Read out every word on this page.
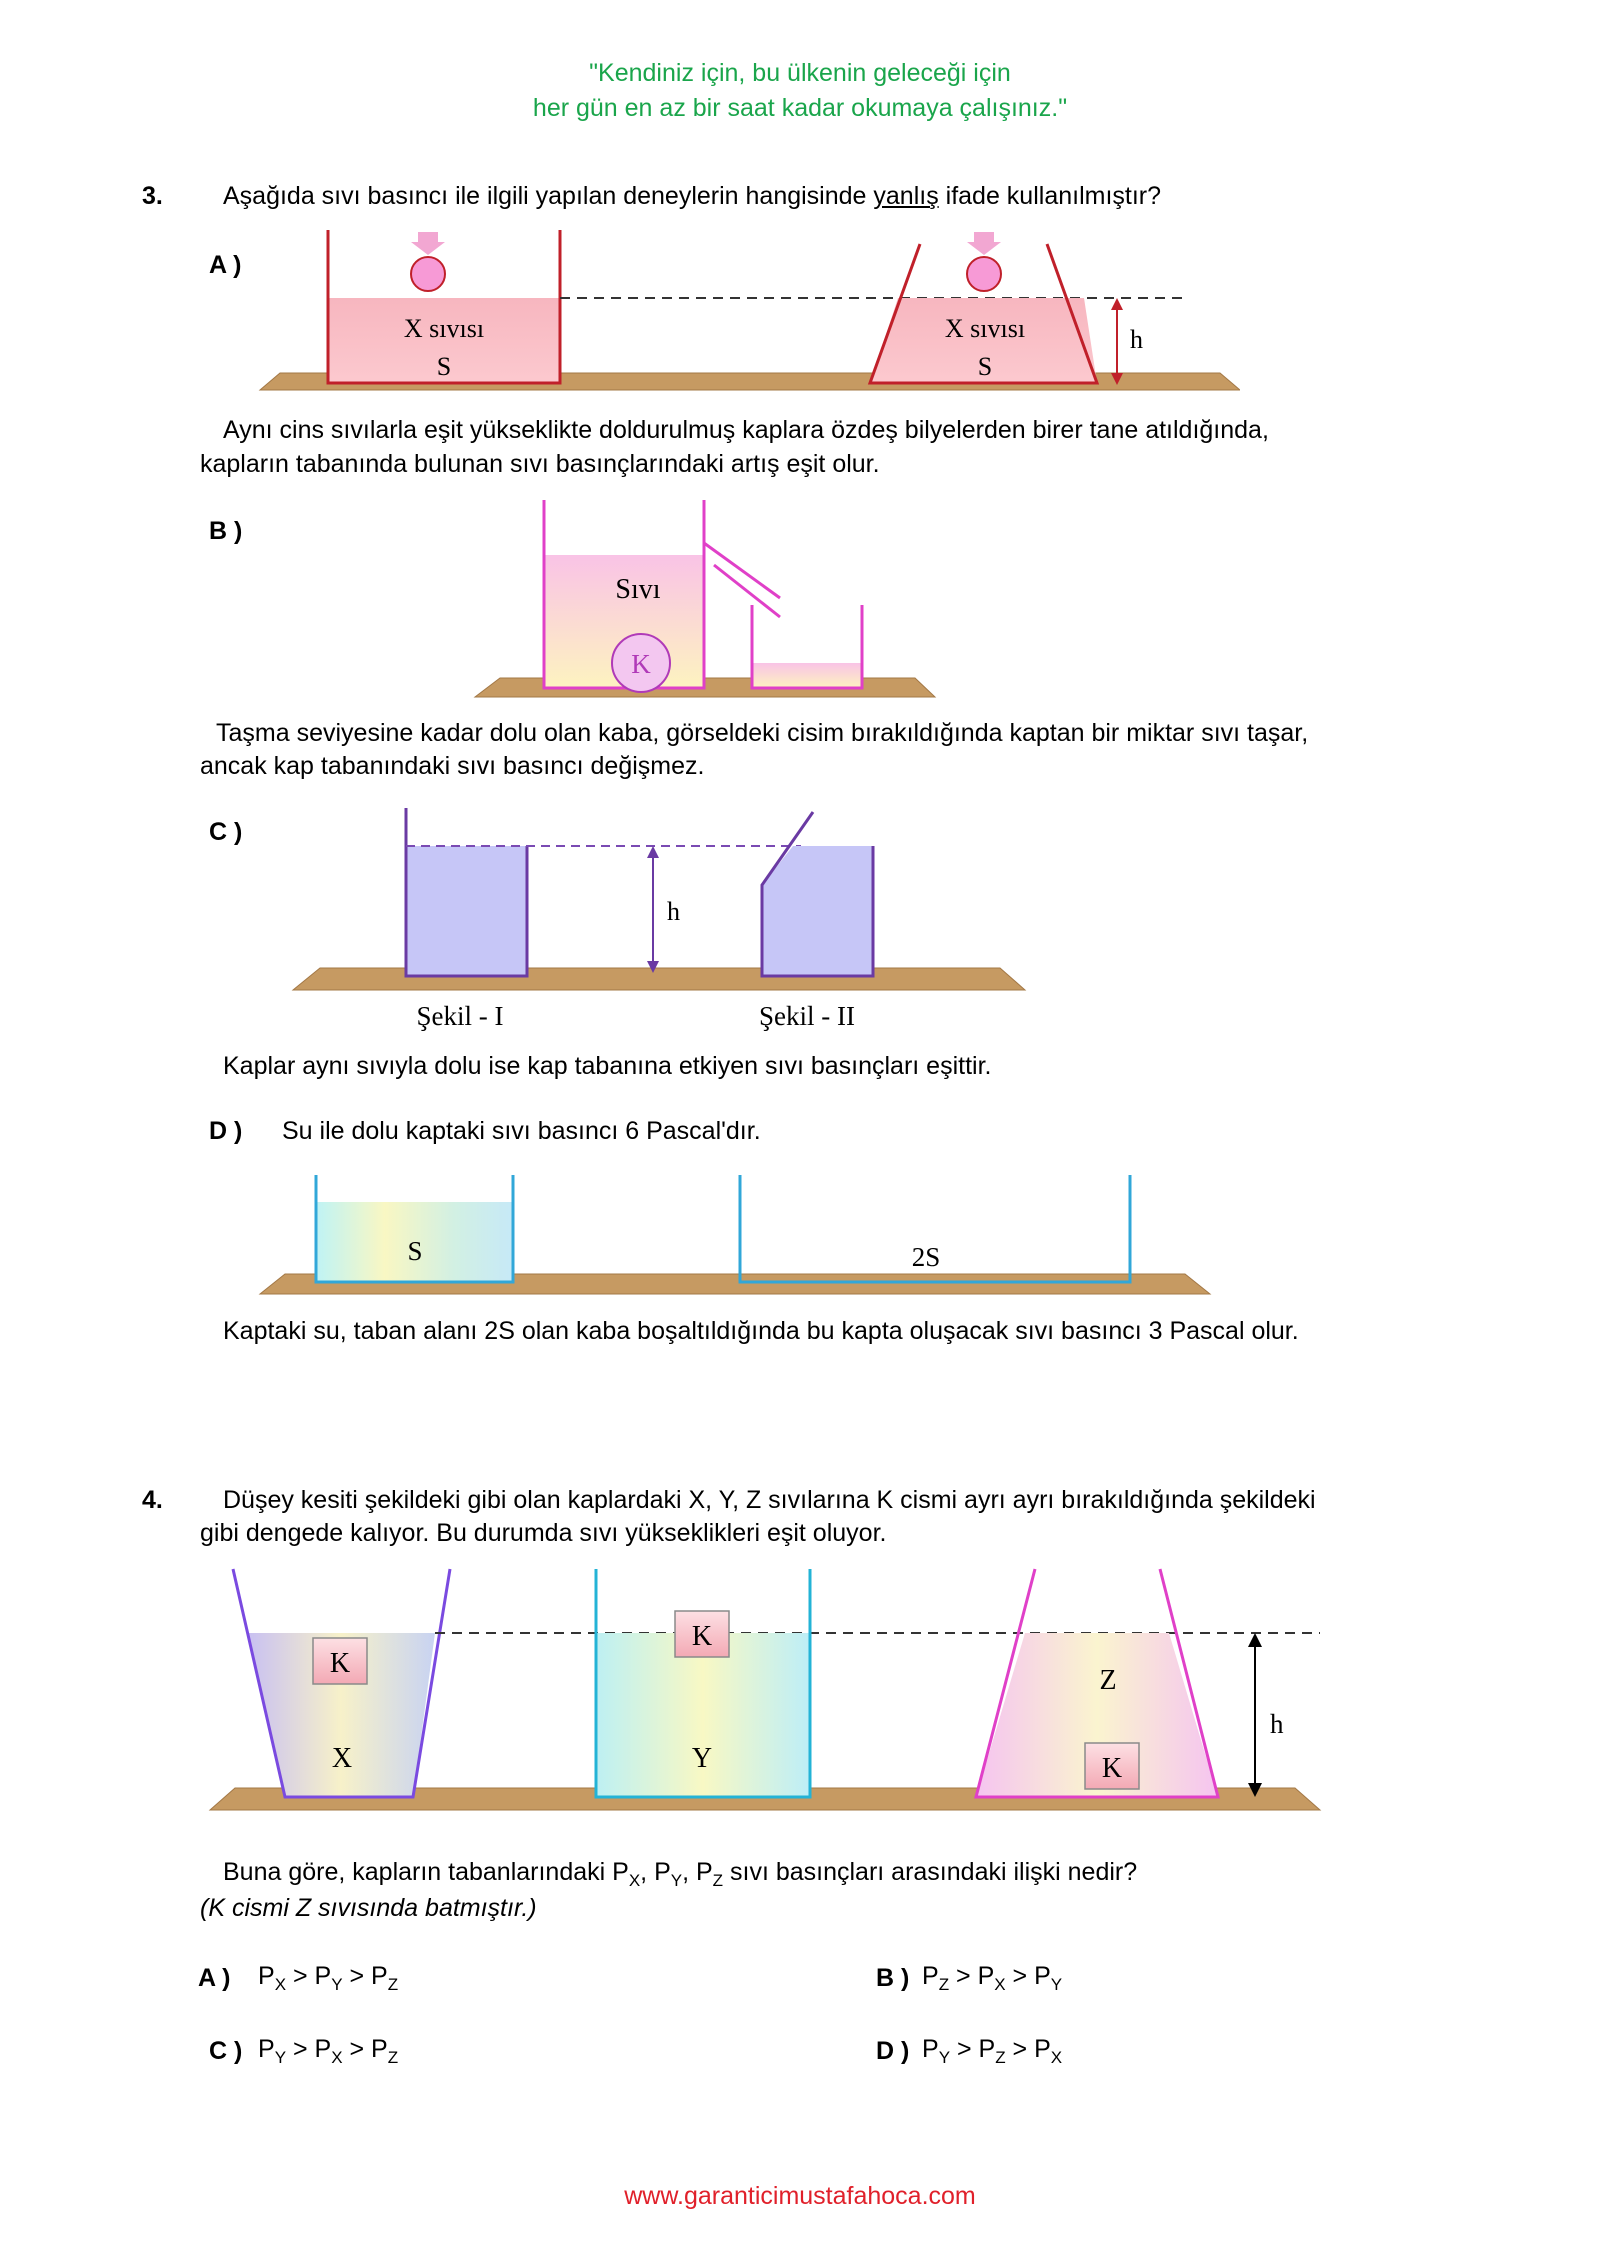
"Kendiniz için, bu ülkenin geleceği için
her gün en az bir saat kadar okumaya çalışınız."
3. Aşağıda sıvı basıncı ile ilgili yapılan deneylerin hangisinde yanlış ifade kullanılmıştır?
A )
h
X sıvısı
S
X sıvısı
S
Aynı cins sıvılarla eşit yükseklikte doldurulmuş kaplara özdeş bilyelerden birer tane atıldığında,
kapların tabanında bulunan sıvı basınçlarındaki artış eşit olur.
B )
Sıvı
K
Taşma seviyesine kadar dolu olan kaba, görseldeki cisim bırakıldığında kaptan bir miktar sıvı taşar,
ancak kap tabanındaki sıvı basıncı değişmez.
C )
h
Şekil - I	Şekil - II
Kaplar aynı sıvıyla dolu ise kap tabanına etkiyen sıvı basınçları eşittir.
D ) Su ile dolu kaptaki sıvı basıncı 6 Pascal'dır.
S	2S
Kaptaki su, taban alanı 2S olan kaba boşaltıldığında bu kapta oluşacak sıvı basıncı 3 Pascal olur.
4. Düşey kesiti şekildeki gibi olan kaplardaki X, Y, Z sıvılarına K cismi ayrı ayrı bırakıldığında şekildeki
gibi dengede kalıyor. Bu durumda sıvı yükseklikleri eşit oluyor.
K
X
K
Y	K
Z
h
Buna göre, kapların tabanlarındaki $P_X$, $P_Y$, $P_Z$ sıvı basınçları arasındaki ilişki nedir?
(K cismi Z sıvısında batmıştır.)
A ) $P_X > P_Y > P_Z$	B ) $P_Z > P_X > P_Y$
C ) $P_Y > P_X > P_Z$	D ) $P_Y > P_Z > P_X$
www.garanticimustafahoca.com
